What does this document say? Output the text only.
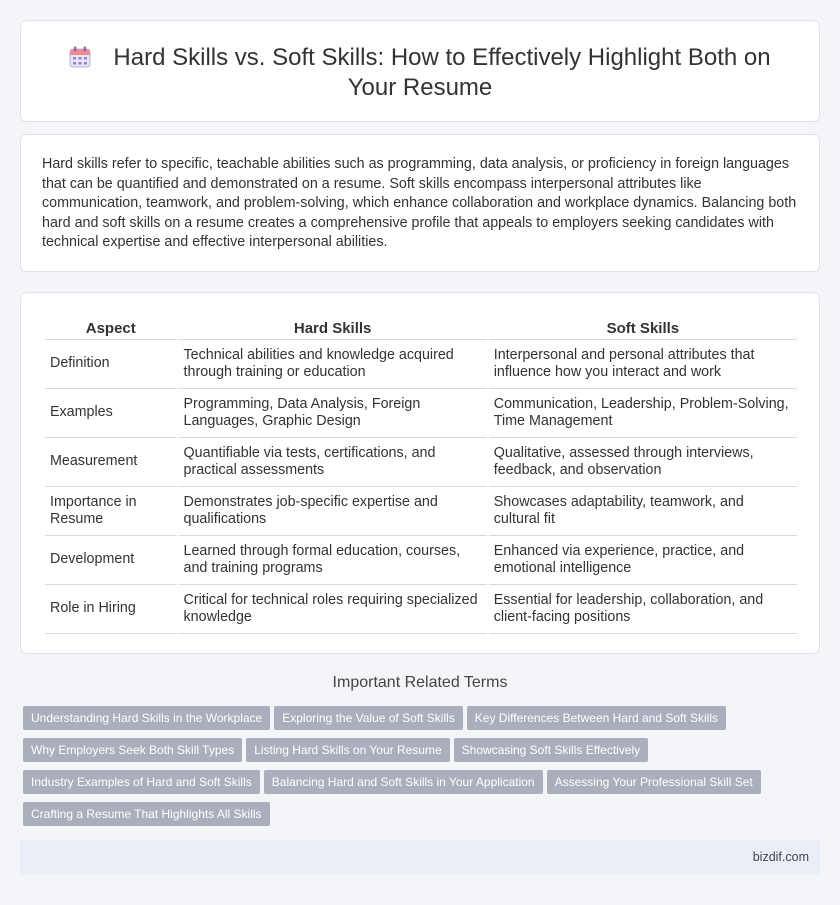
Hard Skills vs. Soft Skills: How to Effectively Highlight Both on Your Resume

Hard skills refer to specific, teachable abilities such as programming, data analysis, or proficiency in foreign languages that can be quantified and demonstrated on a resume. Soft skills encompass interpersonal attributes like communication, teamwork, and problem-solving, which enhance collaboration and workplace dynamics. Balancing both hard and soft skills on a resume creates a comprehensive profile that appeals to employers seeking candidates with technical expertise and effective interpersonal abilities.

Aspect	Hard Skills	Soft Skills
Definition	Technical abilities and knowledge acquired through training or education	Interpersonal and personal attributes that influence how you interact and work
Examples	Programming, Data Analysis, Foreign Languages, Graphic Design	Communication, Leadership, Problem-Solving, Time Management
Measurement	Quantifiable via tests, certifications, and practical assessments	Qualitative, assessed through interviews, feedback, and observation
Importance in Resume	Demonstrates job-specific expertise and qualifications	Showcases adaptability, teamwork, and cultural fit
Development	Learned through formal education, courses, and training programs	Enhanced via experience, practice, and emotional intelligence
Role in Hiring	Critical for technical roles requiring specialized knowledge	Essential for leadership, collaboration, and client-facing positions
Important Related Terms
Understanding Hard Skills in the Workplace Exploring the Value of Soft Skills Key Differences Between Hard and Soft Skills
Why Employers Seek Both Skill Types Listing Hard Skills on Your Resume Showcasing Soft Skills Effectively
Industry Examples of Hard and Soft Skills Balancing Hard and Soft Skills in Your Application Assessing Your Professional Skill Set
Crafting a Resume That Highlights All Skills
bizdif.com
